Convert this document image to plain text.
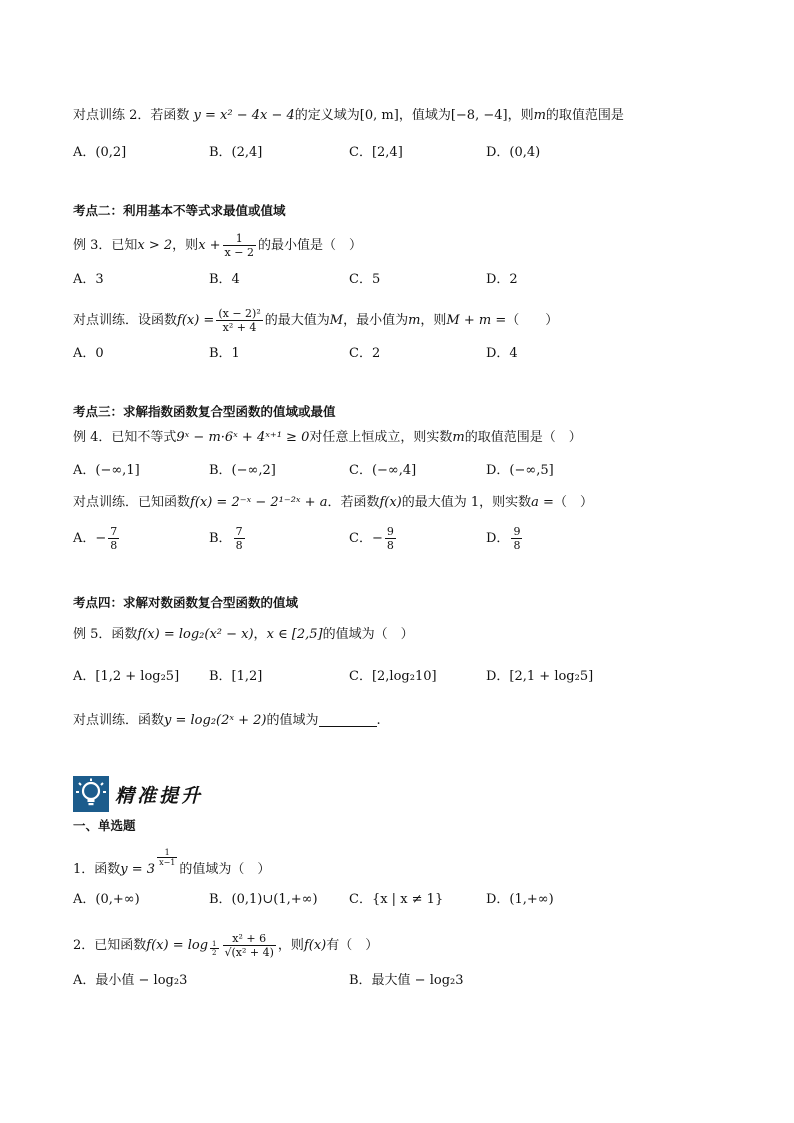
对点训练 2．若函数 y = x² − 4x − 4的定义域为[0, m]，值域为[−8, −4]，则m的取值范围是
A．(0,2]	B．(2,4]	C．[2,4]	D．(0,4)
考点二：利用基本不等式求最值或值域
例 3．已知x > 2，则$x + \frac{1}{x - 2}$ 的最小值是（　）
A．3	B．4	C．5	D．2
对点训练．设函数$f(x) = \frac{\text{(x − 2)²}}{\text{x² + 4}}$ 的最大值为M，最小值为m，则M + m =（　　）
A．0	B．1	C．2	D．4
考点三：求解指数函数复合型函数的值域或最值
例 4．已知不等式9ˣ − m·6ˣ + 4ˣ⁺¹ ≥ 0对任意上恒成立，则实数m的取值范围是（　）
A．(−∞,1]	B．(−∞,2]	C．(−∞,4]	D．(−∞,5]
对点训练．已知函数f(x) = 2⁻ˣ − 2¹⁻²ˣ + a．若函数f(x)的最大值为 1，则实数a =（　）
A．− $\frac{7}{8}$	B． $\frac{7}{8}$	C．− $\frac{9}{8}$	D． $\frac{9}{8}$
考点四：求解对数函数复合型函数的值域
例 5．函数f(x) = log₂(x² − x)，x ∈ [2,5]的值域为（　）
A．[1,2 + log₂5] B．[1,2]	C．[2,log₂10]	D．[2,1 + log₂5]
对点训练．函数y = log₂(2ˣ + 2)的值域为	.
精准提升
一、单选题
1．函数y = 3
$^{\frac{1}{x-1}}$
的值域为（　）
A．(0,+∞)	B．(0,1)∪(1,+∞) C．{x | x ≠ 1}	D．(1,+∞)
2．已知函数$f(x) = \log _{\frac{1}{2}} \frac{\text{x² + 6}}{\text{√(x² + 4)}}$ ，则f(x)有（　）
A．最小值 − log₂3	B．最大值 − log₂3
